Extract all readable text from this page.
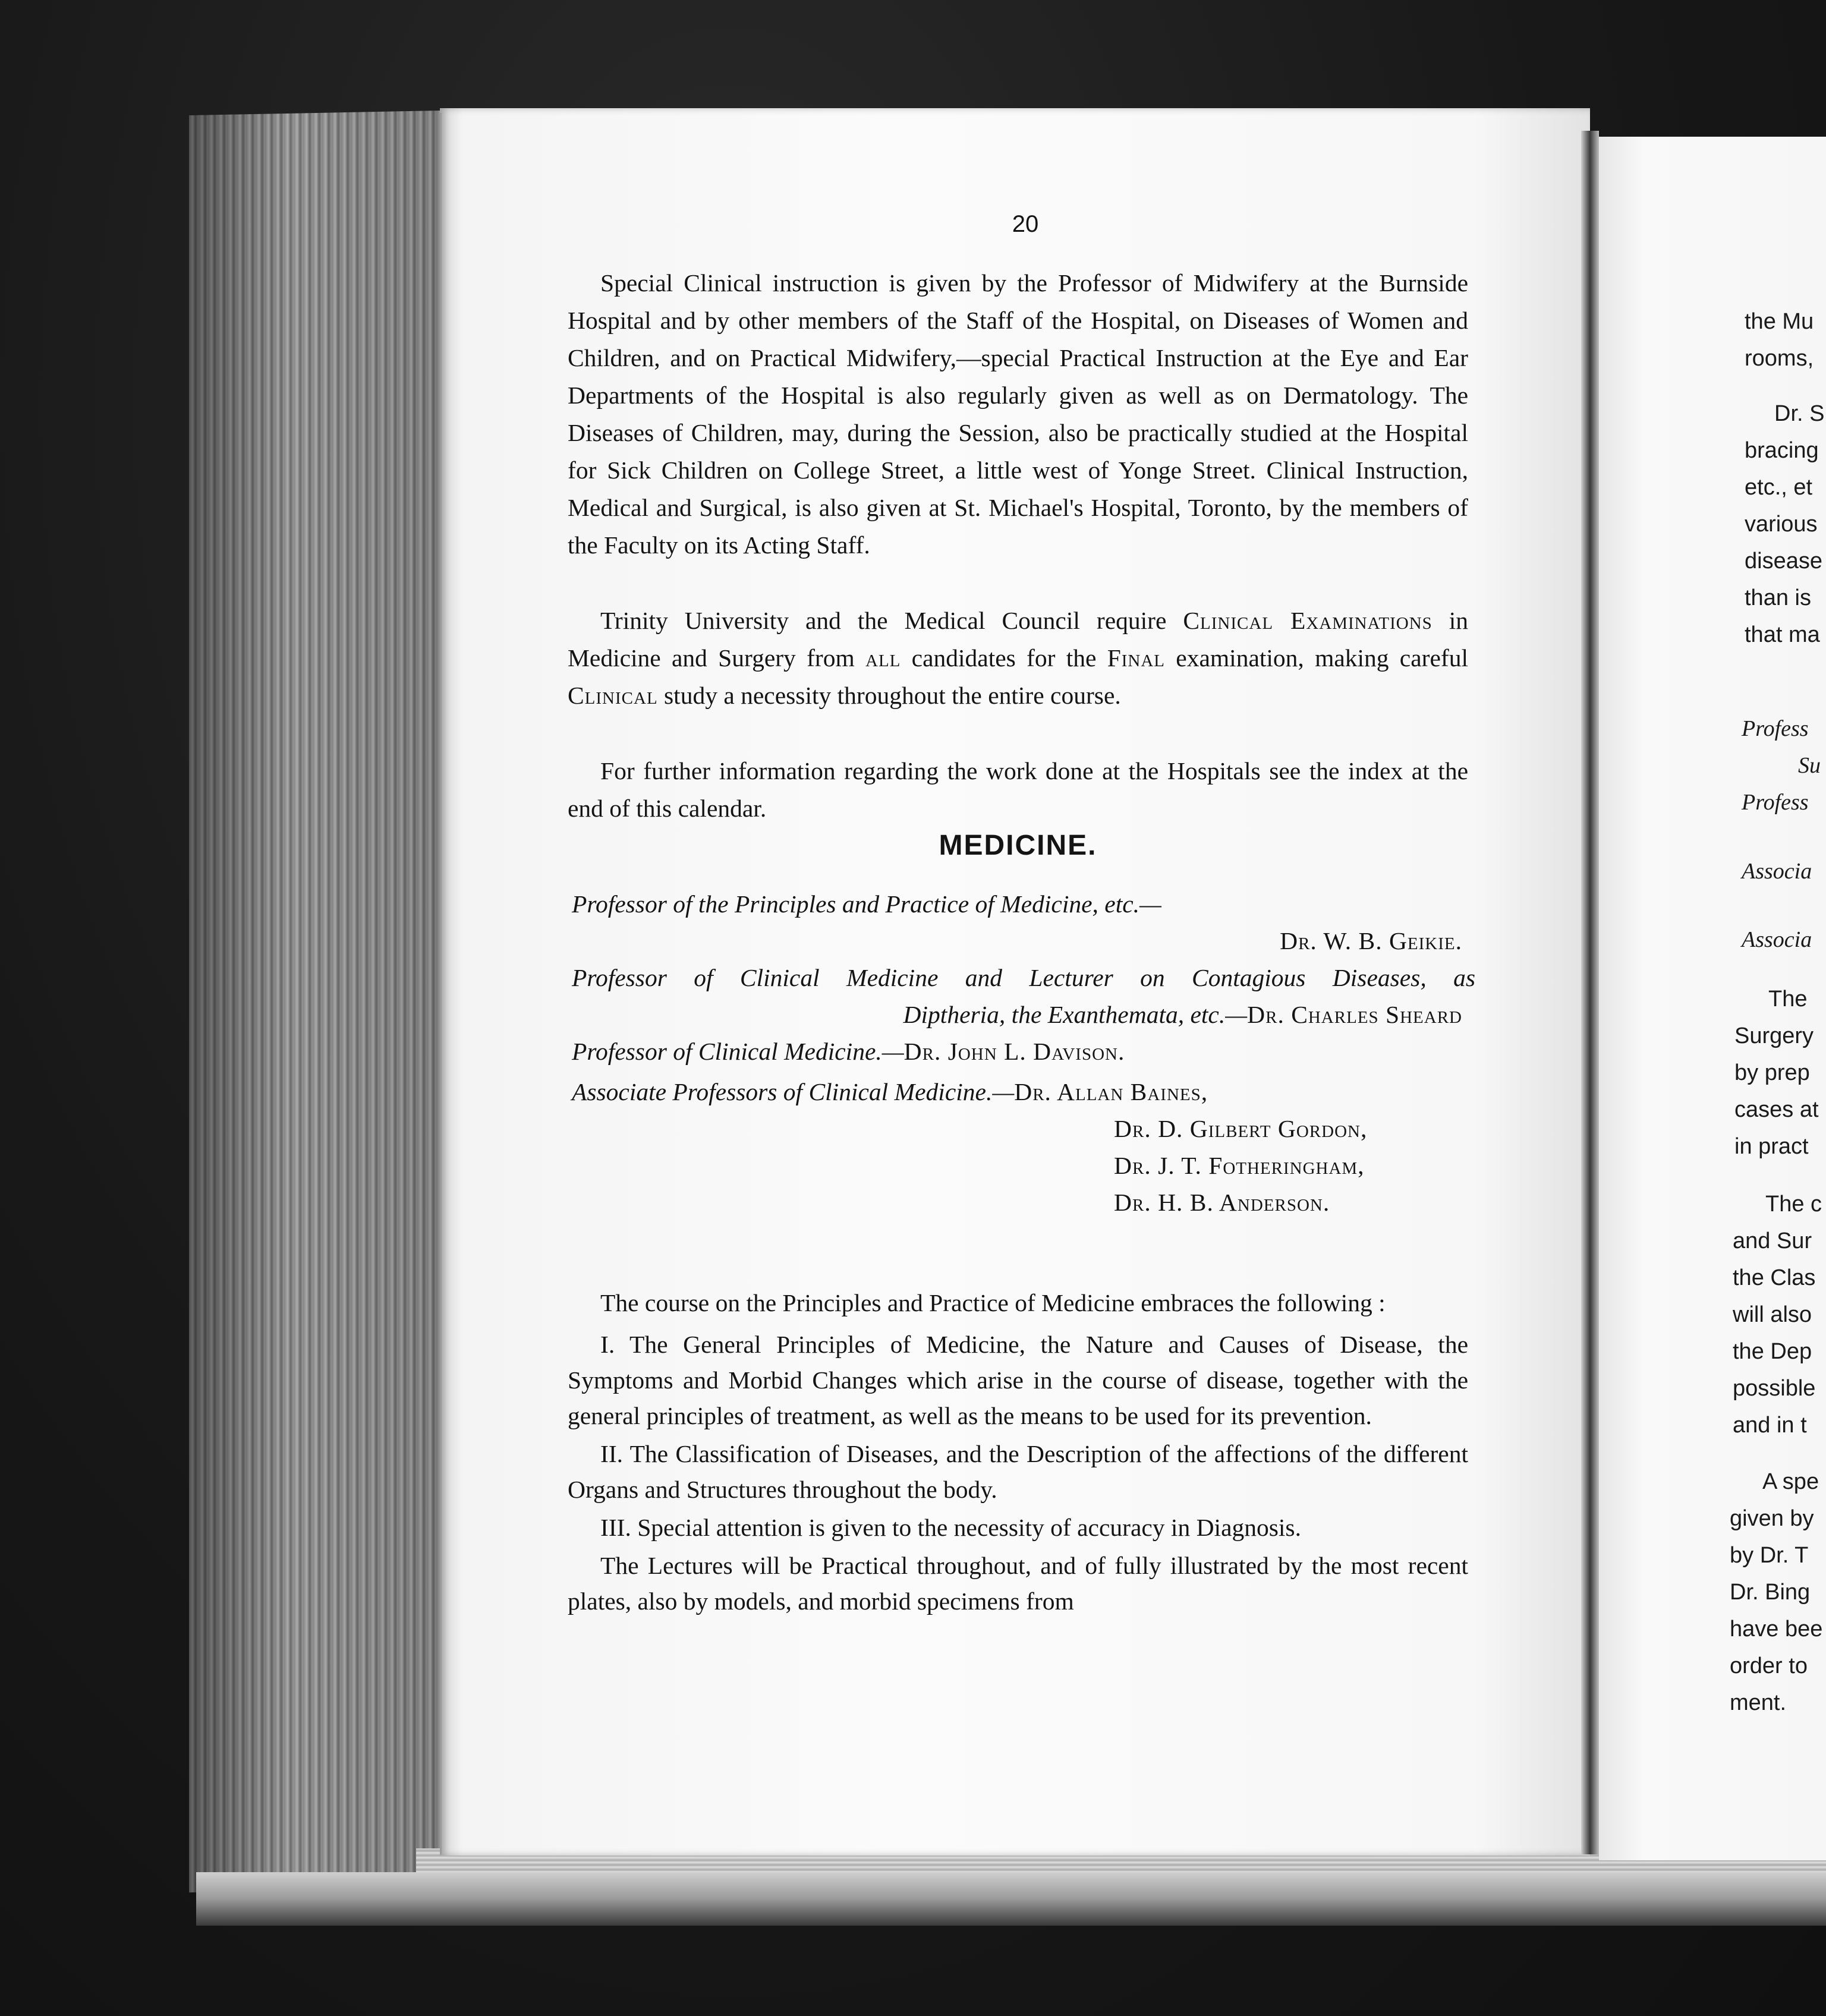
20

Special Clinical instruction is given by the Professor of Midwifery at the Burnside Hospital and by other members of the Staff of the Hospital, on Diseases of Women and Children, and on Practical Midwifery,—special Practical Instruction at the Eye and Ear Departments of the Hospital is also regularly given as well as on Dermatology. The Diseases of Children, may, during the Session, also be practically studied at the Hospital for Sick Children on College Street, a little west of Yonge Street. Clinical Instruction, Medical and Surgical, is also given at St. Michael's Hospital, Toronto, by the members of the Faculty on its Acting Staff.

Trinity University and the Medical Council require Clinical Examinations in Medicine and Surgery from all candidates for the Final examination, making careful Clinical study a necessity throughout the entire course.

For further information regarding the work done at the Hospitals see the index at the end of this calendar.

MEDICINE.
Professor of the Principles and Practice of Medicine, etc.—
Dr. W. B. Geikie.
Professor of Clinical Medicine and Lecturer on Contagious Diseases, as
Diptheria, the Exanthemata, etc.—Dr. Charles Sheard
Professor of Clinical Medicine.—Dr. John L. Davison.
Associate Professors of Clinical Medicine.—Dr. Allan Baines,
Dr. D. Gilbert Gordon,
Dr. J. T. Fotheringham,
Dr. H. B. Anderson.

The course on the Principles and Practice of Medicine embraces the following :

I. The General Principles of Medicine, the Nature and Causes of Disease, the Symptoms and Morbid Changes which arise in the course of disease, together with the general principles of treatment, as well as the means to be used for its prevention.

II. The Classification of Diseases, and the Description of the affections of the different Organs and Structures throughout the body.

III. Special attention is given to the necessity of accuracy in Diagnosis.

The Lectures will be Practical throughout, and of fully illustrated by the most recent plates, also by models, and morbid specimens from

the Mu
rooms,
Dr. S
bracing
etc., et
various
disease
than is
that ma
Profess
Su
Profess
Associa
Associa
The
Surgery
by prep
cases at
in pract
The c
and Sur
the Clas
will also
the Dep
possible
and in t
A spe
given by
by Dr. T
Dr. Bing
have bee
order to
ment.
